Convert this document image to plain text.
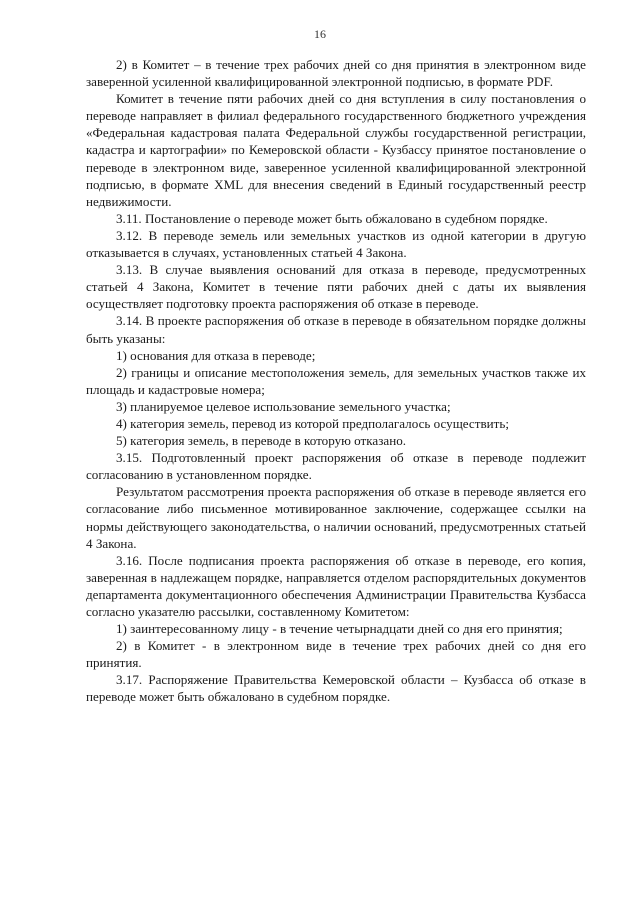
16

2) в Комитет – в течение трех рабочих дней со дня принятия в электронном виде заверенной усиленной квалифицированной электронной подписью, в формате PDF.

Комитет в течение пяти рабочих дней со дня вступления в силу постановления о переводе направляет в филиал федерального государственного бюджетного учреждения «Федеральная кадастровая палата Федеральной службы государственной регистрации, кадастра и картографии» по Кемеровской области - Кузбассу принятое постановление о переводе в электронном виде, заверенное усиленной квалифицированной электронной подписью, в формате XML для внесения сведений в Единый государственный реестр недвижимости.

3.11. Постановление о переводе может быть обжаловано в судебном порядке.

3.12. В переводе земель или земельных участков из одной категории в другую отказывается в случаях, установленных статьей 4 Закона.

3.13. В случае выявления оснований для отказа в переводе, предусмотренных статьей 4 Закона, Комитет в течение пяти рабочих дней с даты их выявления осуществляет подготовку проекта распоряжения об отказе в переводе.

3.14. В проекте распоряжения об отказе в переводе в обязательном порядке должны быть указаны:

1) основания для отказа в переводе;

2) границы и описание местоположения земель, для земельных участков также их площадь и кадастровые номера;

3) планируемое целевое использование земельного участка;

4) категория земель, перевод из которой предполагалось осуществить;

5) категория земель, в переводе в которую отказано.

3.15. Подготовленный проект распоряжения об отказе в переводе подлежит согласованию в установленном порядке.

Результатом рассмотрения проекта распоряжения об отказе в переводе является его согласование либо письменное мотивированное заключение, содержащее ссылки на нормы действующего законодательства, о наличии оснований, предусмотренных статьей 4 Закона.

3.16. После подписания проекта распоряжения об отказе в переводе, его копия, заверенная в надлежащем порядке, направляется отделом распорядительных документов департамента документационного обеспечения Администрации Правительства Кузбасса согласно указателю рассылки, составленному Комитетом:

1) заинтересованному лицу - в течение четырнадцати дней со дня его принятия;

2) в Комитет - в электронном виде в течение трех рабочих дней со дня его принятия.

3.17. Распоряжение Правительства Кемеровской области – Кузбасса об отказе в переводе может быть обжаловано в судебном порядке.
